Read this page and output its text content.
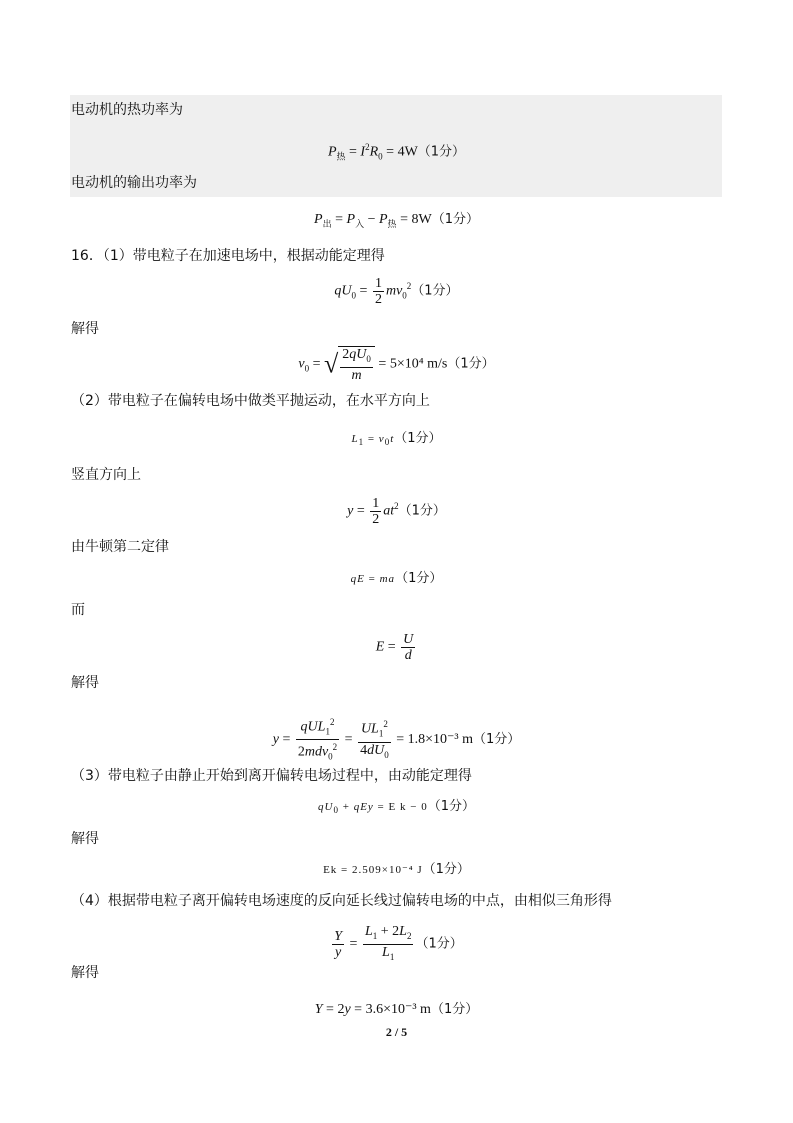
电动机的热功率为
$P_热 = I^2R_0 = 4W(1$分）
电动机的输出功率为
$P_出 = P_入 - P_热 = 8W(1$分）
16．（1）带电粒子在加速电场中，根据动能定理得
$qU_0 = \frac{1}{2} mv_0^2(1$分）
解得
$v_0$ = √ $\frac{2qU_0}{m} = 5\times 10^4$ m/s（1分）
（2）带电粒子在偏转电场中做类平抛运动，在水平方向上
$L_1 = v_0t(1$分）
竖直方向上
$y = \frac{1}{2} at^2(1$分）
由牛顿第二定律
qE = ma（1分）
而
$E = \frac{U}{d}$
解得
$y = \frac{qUL_1^2}{2mdv_0^2} = \frac{UL_1^2}{4dU_0} = 1.8\times 10^{-3}$ m（1分）
（3）带电粒子由静止开始到离开偏转电场过程中，由动能定理得
$qU_0$ + qEy = E k − 0（1分）
解得
Ek = 2.509×10⁻⁴ J（1分）
（4）根据带电粒子离开偏转电场速度的反向延长线过偏转电场的中点，由相似三角形得
$\frac{Y}{y} = \frac{L_1 + 2L_2}{L_1} (1$分）
解得
Y = 2y = 3.6×10⁻³ m（1分）
2 / 5
